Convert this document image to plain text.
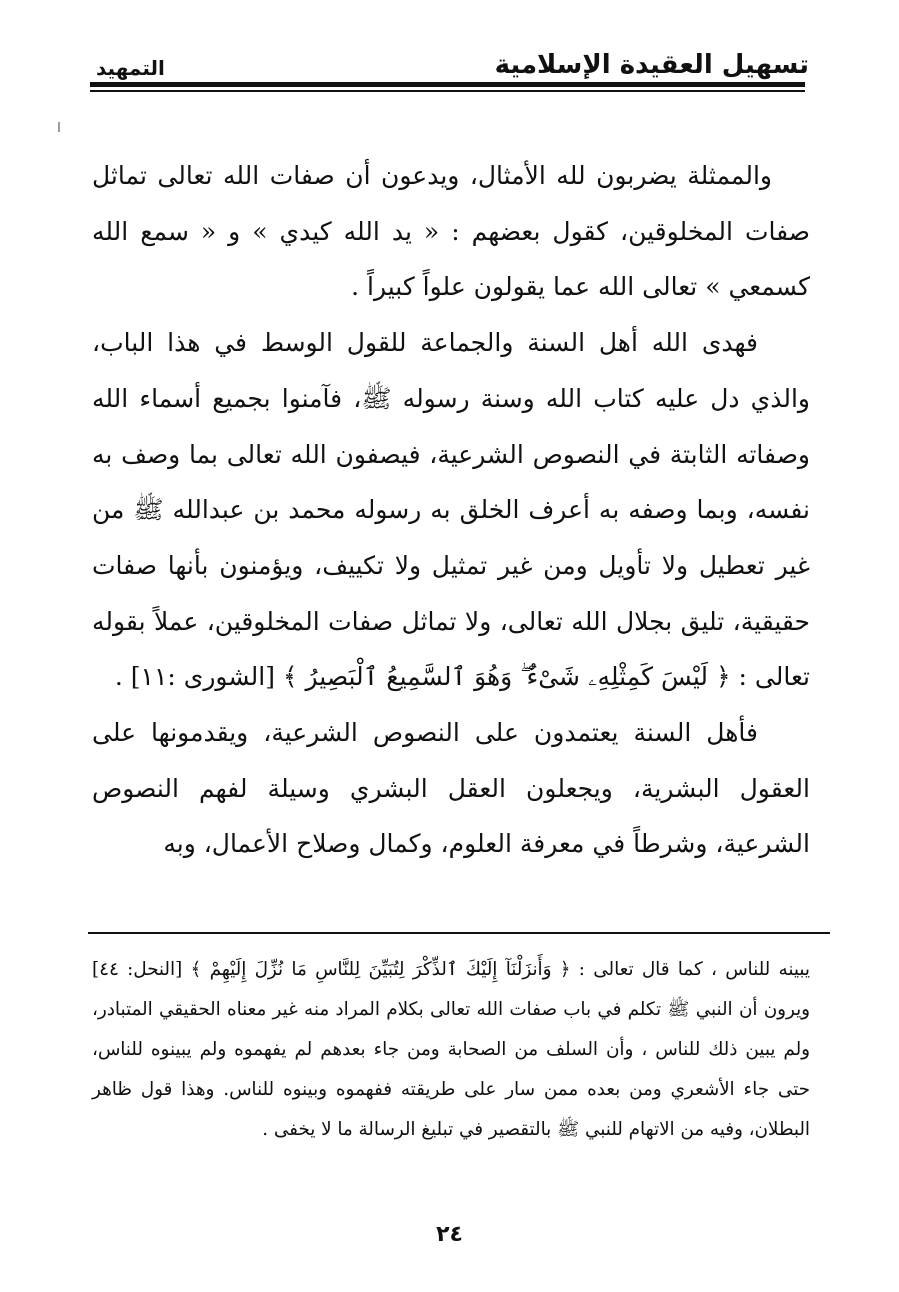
تسهيل العقيدة الإسلامية
التمهيد

والممثلة يضربون لله الأمثال، ويدعون أن صفات الله تعالى تماثل صفات المخلوقين، كقول بعضهم : « يد الله كيدي » و « سمع الله كسمعي » تعالى الله عما يقولون علواً كبيراً .

فهدى الله أهل السنة والجماعة للقول الوسط في هذا الباب، والذي دل عليه كتاب الله وسنة رسوله ﷺ، فآمنوا بجميع أسماء الله وصفاته الثابتة في النصوص الشرعية، فيصفون الله تعالى بما وصف به نفسه، وبما وصفه به أعرف الخلق به رسوله محمد بن عبدالله ﷺ من غير تعطيل ولا تأويل ومن غير تمثيل ولا تكييف، ويؤمنون بأنها صفات حقيقية، تليق بجلال الله تعالى، ولا تماثل صفات المخلوقين، عملاً بقوله تعالى : ﴿ لَيْسَ كَمِثْلِهِۦ شَىْءٌ ۖ وَهُوَ ٱلسَّمِيعُ ٱلْبَصِيرُ ﴾ [الشورى :١١] .

فأهل السنة يعتمدون على النصوص الشرعية، ويقدمونها على العقول البشرية، ويجعلون العقل البشري وسيلة لفهم النصوص الشرعية، وشرطاً في معرفة العلوم، وكمال وصلاح الأعمال، وبه

يبينه للناس ، كما قال تعالى : ﴿ وَأَنزَلْنَآ إِلَيْكَ ٱلذِّكْرَ لِتُبَيِّنَ لِلنَّاسِ مَا نُزِّلَ إِلَيْهِمْ ﴾ [النحل: ٤٤] ويرون أن النبي ﷺ تكلم في باب صفات الله تعالى بكلام المراد منه غير معناه الحقيقي المتبادر، ولم يبين ذلك للناس ، وأن السلف من الصحابة ومن جاء بعدهم لم يفهموه ولم يبينوه للناس، حتى جاء الأشعري ومن بعده ممن سار على طريقته ففهموه وبينوه للناس. وهذا قول ظاهر البطلان، وفيه من الاتهام للنبي ﷺ بالتقصير في تبليغ الرسالة ما لا يخفى .

٢٤
